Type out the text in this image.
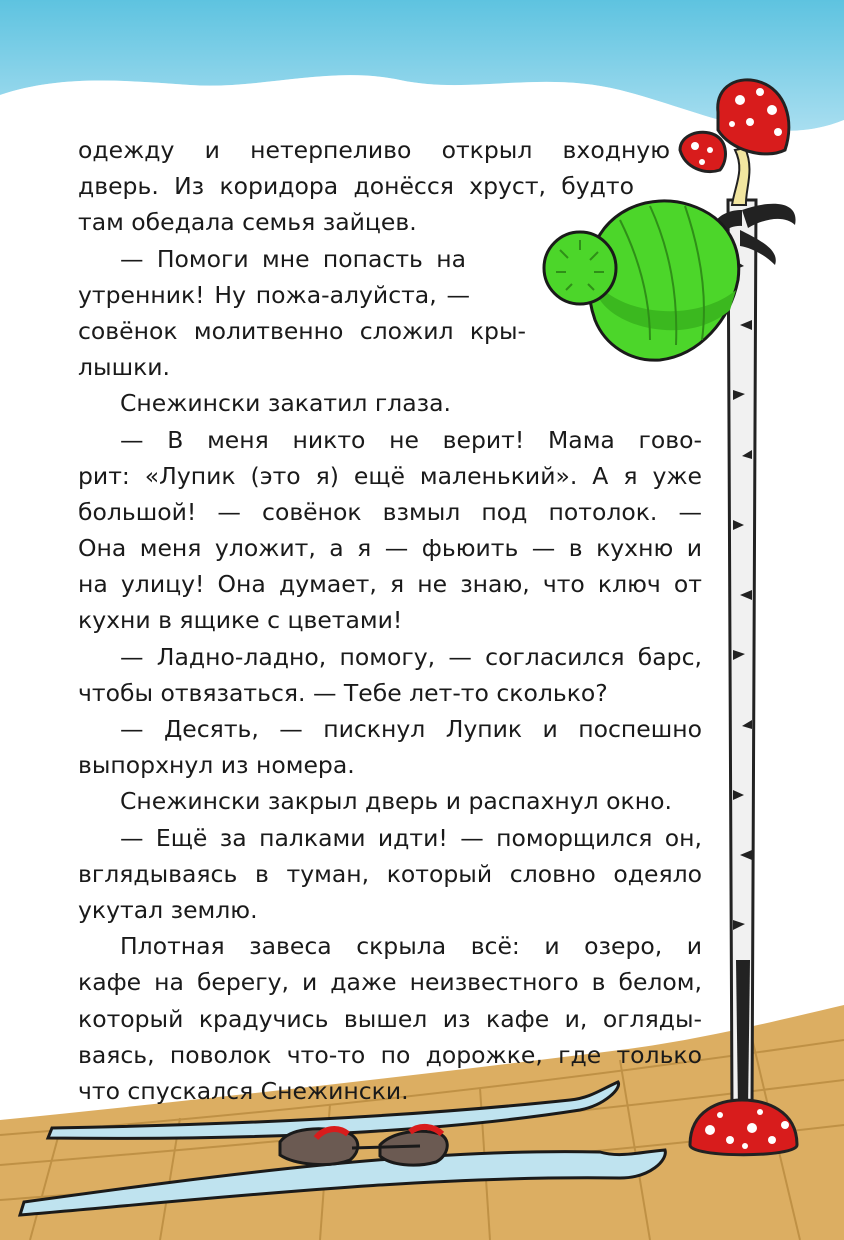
одежду и нетерпеливо открыл входную
дверь. Из коридора донёсся хруст, будто
там обедала семья зайцев.
— Помоги мне попасть на
утренник! Ну пожа-алуйста, —
совёнок молитвенно сложил кры-
лышки.
Снежински закатил глаза.
— В меня никто не верит! Мама гово-
рит: «Лупик (это я) ещё маленький». А я уже
большой! — совёнок взмыл под потолок. —
Она меня уложит, а я — фьюить — в кухню и
на улицу! Она думает, я не знаю, что ключ от
кухни в ящике с цветами!
— Ладно-ладно, помогу, — согласился барс,
чтобы отвязаться. — Тебе лет-то сколько?
— Десять, — пискнул Лупик и поспешно
выпорхнул из номера.
Снежински закрыл дверь и распахнул окно.
— Ещё за палками идти! — поморщился он,
вглядываясь в туман, который словно одеяло
укутал землю.
Плотная завеса скрыла всё: и озеро, и
кафе на берегу, и даже неизвестного в белом,
который крадучись вышел из кафе и, огляды-
ваясь, поволок что-то по дорожке, где только
что спускался Снежински.
